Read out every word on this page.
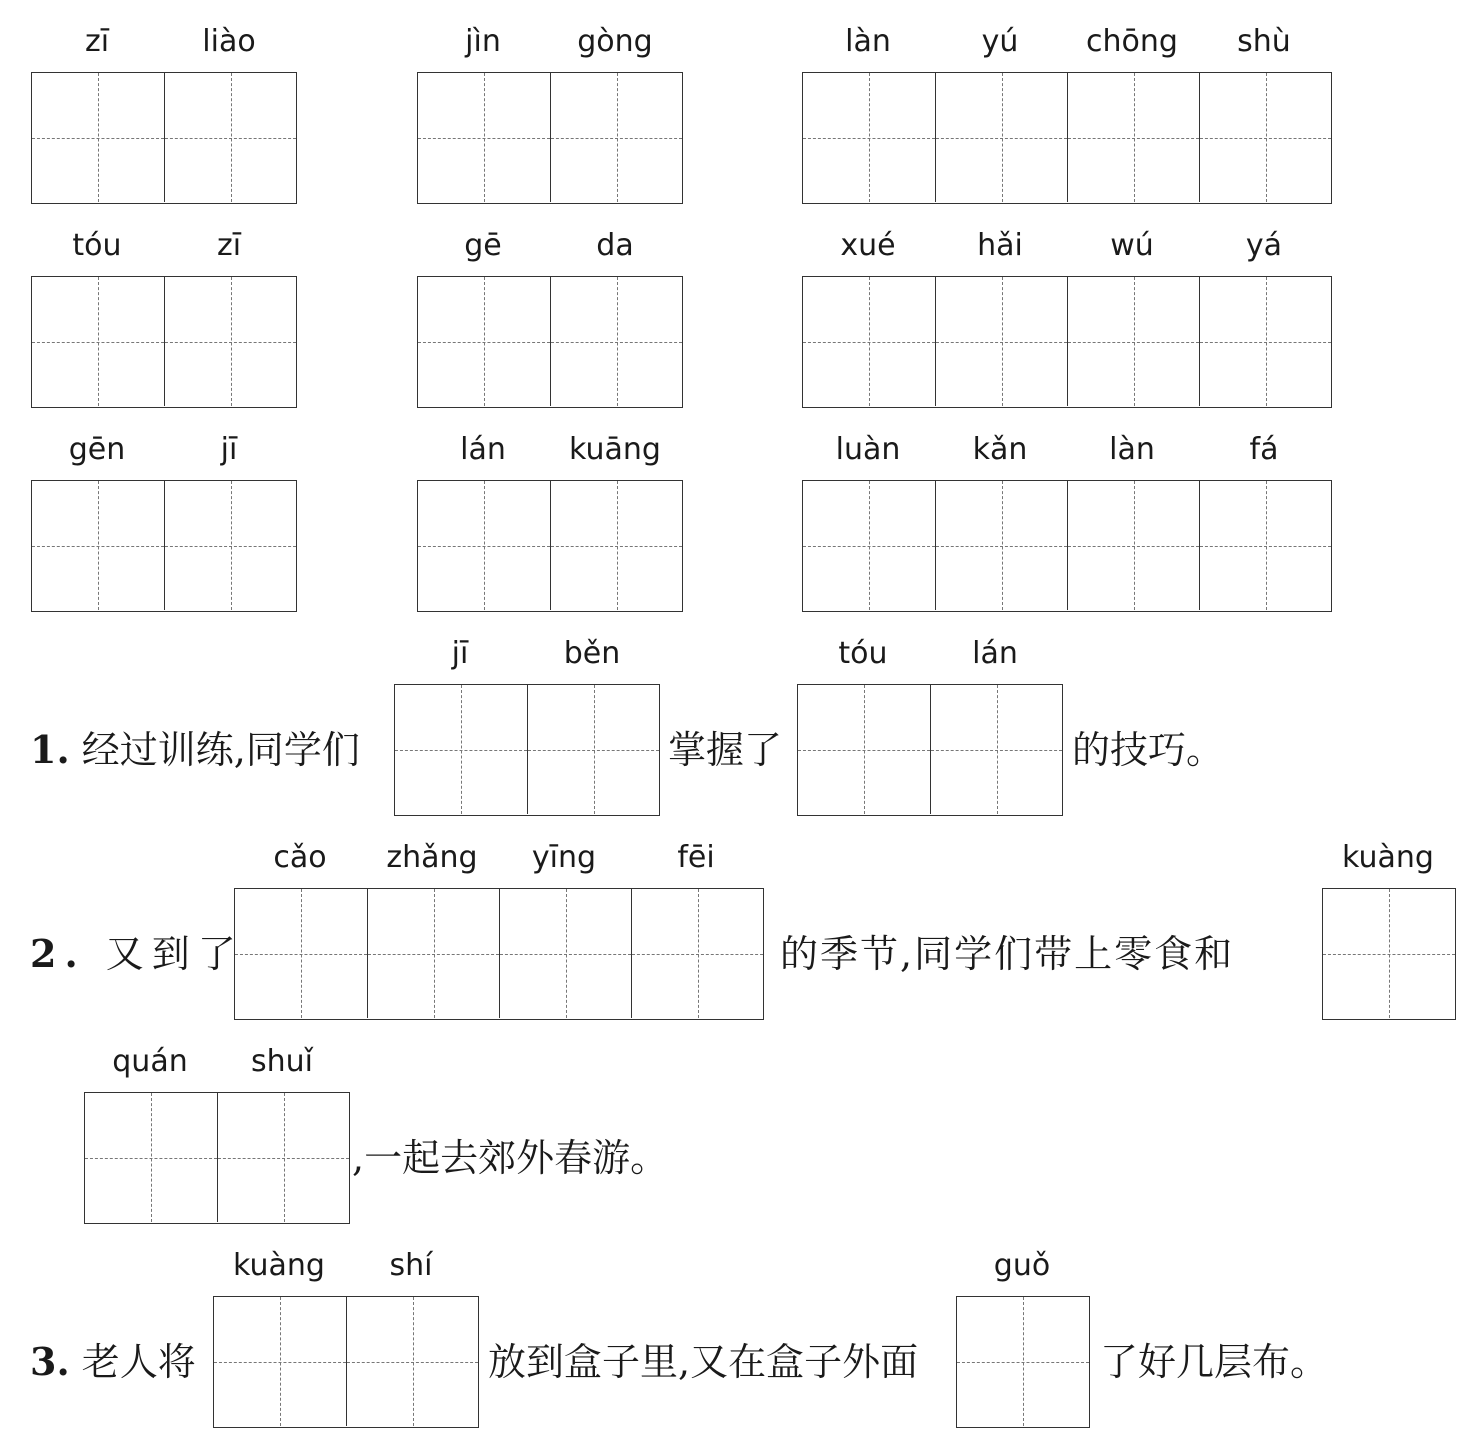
zī	liào	jìn	gòng	làn	yú	chōng	shù
tóu	zī	gē	da	xué	hǎi	wú	yá
gēn	jī	lán	kuāng	luàn	kǎn	làn	fá
1. 经过训练,同学们
jī	běn
掌握了
tóu	lán
的技巧。
2. 又到了
cǎo	zhǎng	yīng	fēi
的季节,同学们带上零食和
kuàng
quán	shuǐ
,一起去郊外春游。
3. 老人将
kuàng	shí
放到盒子里,又在盒子外面
guǒ
了好几层布。
